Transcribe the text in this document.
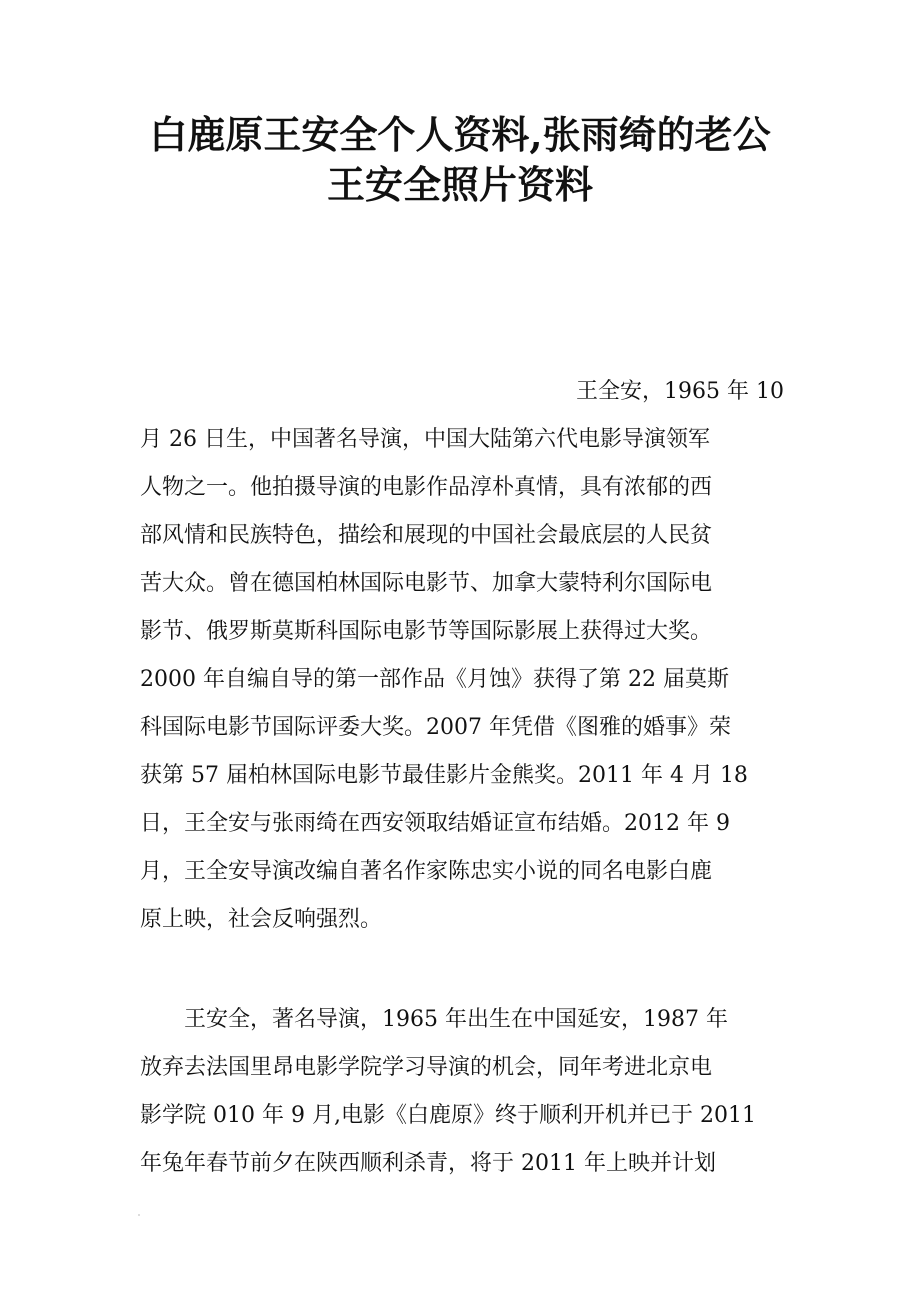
白鹿原王安全个人资料,张雨绮的老公
王安全照片资料
王全安，1965 年 10
月 26 日生，中国著名导演，中国大陆第六代电影导演领军
人物之一。他拍摄导演的电影作品淳朴真情，具有浓郁的西
部风情和民族特色，描绘和展现的中国社会最底层的人民贫
苦大众。曾在德国柏林国际电影节、加拿大蒙特利尔国际电
影节、俄罗斯莫斯科国际电影节等国际影展上获得过大奖。
2000 年自编自导的第一部作品《月蚀》获得了第 22 届莫斯
科国际电影节国际评委大奖。2007 年凭借《图雅的婚事》荣
获第 57 届柏林国际电影节最佳影片金熊奖。2011 年 4 月 18
日，王全安与张雨绮在西安领取结婚证宣布结婚。2012 年 9
月，王全安导演改编自著名作家陈忠实小说的同名电影白鹿
原上映，社会反响强烈。
王安全，著名导演，1965 年出生在中国延安，1987 年
放弃去法国里昂电影学院学习导演的机会，同年考进北京电
影学院 010 年 9 月,电影《白鹿原》终于顺利开机并已于 2011
年兔年春节前夕在陕西顺利杀青，将于 2011 年上映并计划
